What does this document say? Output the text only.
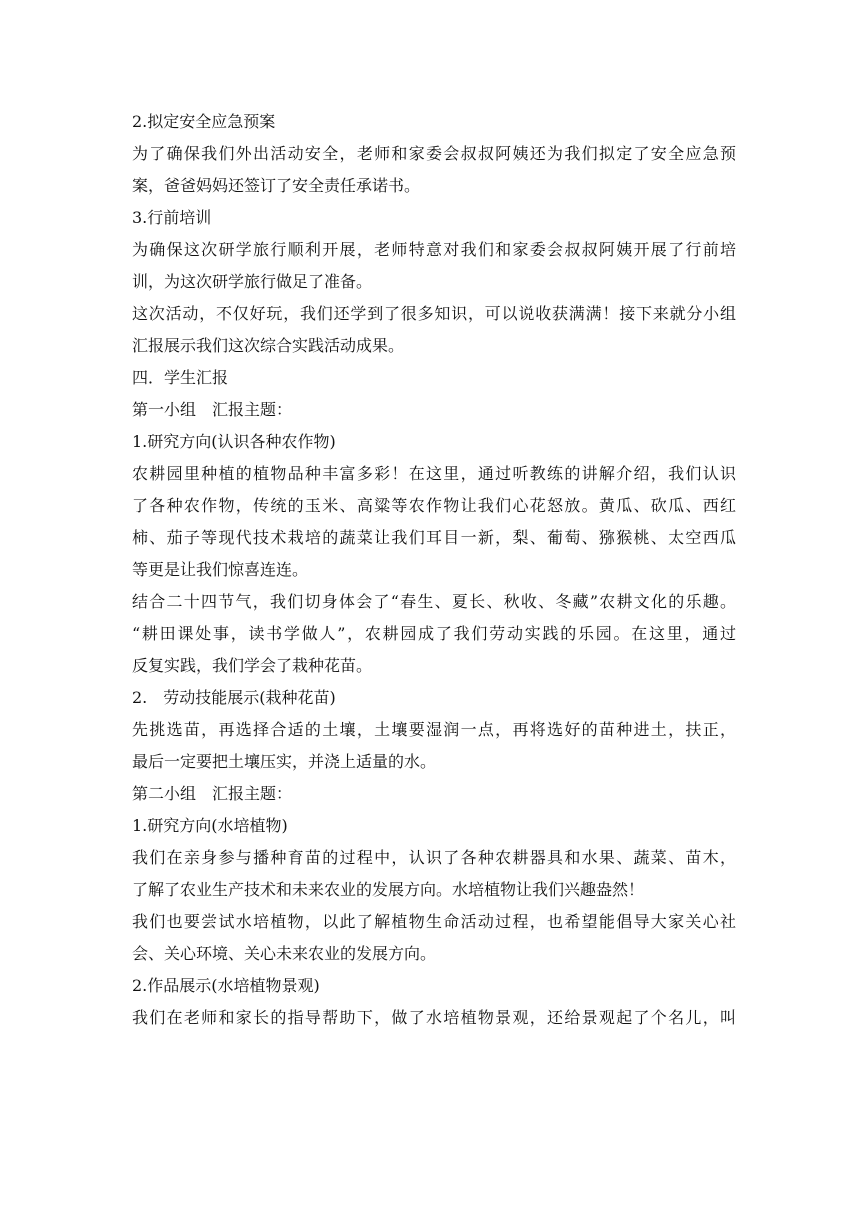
2.拟定安全应急预案
为了确保我们外出活动安全，老师和家委会叔叔阿姨还为我们拟定了安全应急预
案，爸爸妈妈还签订了安全责任承诺书。
3.行前培训
为确保这次研学旅行顺利开展，老师特意对我们和家委会叔叔阿姨开展了行前培
训，为这次研学旅行做足了准备。
这次活动，不仅好玩，我们还学到了很多知识，可以说收获满满！接下来就分小组
汇报展示我们这次综合实践活动成果。
四．学生汇报
第一小组　汇报主题：
1.研究方向(认识各种农作物)
农耕园里种植的植物品种丰富多彩！在这里，通过听教练的讲解介绍，我们认识
了各种农作物，传统的玉米、高粱等农作物让我们心花怒放。黄瓜、砍瓜、西红
柿、茄子等现代技术栽培的蔬菜让我们耳目一新，梨、葡萄、猕猴桃、太空西瓜
等更是让我们惊喜连连。
结合二十四节气，我们切身体会了“春生、夏长、秋收、冬藏”农耕文化的乐趣。
“耕田课处事，读书学做人”，农耕园成了我们劳动实践的乐园。在这里，通过
反复实践，我们学会了栽种花苗。
2.　劳动技能展示(栽种花苗)
先挑选苗，再选择合适的土壤，土壤要湿润一点，再将选好的苗种进土，扶正，
最后一定要把土壤压实，并浇上适量的水。
第二小组　汇报主题：
1.研究方向(水培植物)
我们在亲身参与播种育苗的过程中，认识了各种农耕器具和水果、蔬菜、苗木，
了解了农业生产技术和未来农业的发展方向。水培植物让我们兴趣盎然！
我们也要尝试水培植物，以此了解植物生命活动过程，也希望能倡导大家关心社
会、关心环境、关心未来农业的发展方向。
2.作品展示(水培植物景观)
我们在老师和家长的指导帮助下，做了水培植物景观，还给景观起了个名儿，叫
